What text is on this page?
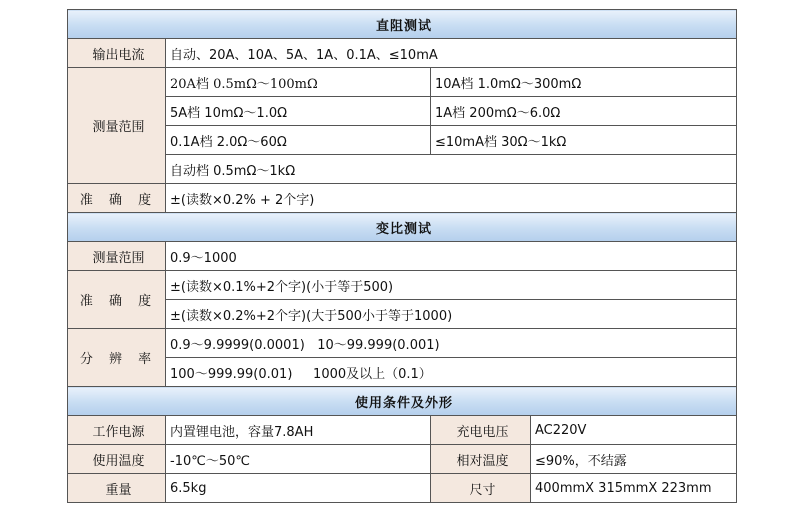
直阻测试			
输出电流	自动、20A、10A、5A、1A、0.1A、≤10mA		
测量范围	20A档 0.5mΩ～100mΩ	10A档 1.0mΩ～300mΩ	
	5A档 10mΩ～1.0Ω	1A档 200mΩ～6.0Ω	
	0.1A档 2.0Ω～60Ω	≤10mA档 30Ω～1kΩ	
	自动档 0.5mΩ～1kΩ		
准 确 度	±(读数×0.2% + 2个字)		
变比测试			
测量范围	0.9～1000		
准 确 度	±(读数×0.1%+2个字)(小于等于500)		
	±(读数×0.2%+2个字)(大于500小于等于1000)		
分 辨 率	0.9～9.9999(0.0001)   10～99.999(0.001)		
	100～999.99(0.01)     1000及以上（0.1）		
使用条件及外形			
工作电源	内置锂电池，容量7.8AH	充电电压	AC220V
使用温度	-10℃～50℃	相对温度	≤90%，不结露
重量	6.5kg	尺寸	400mmX 315mmX 223mm
